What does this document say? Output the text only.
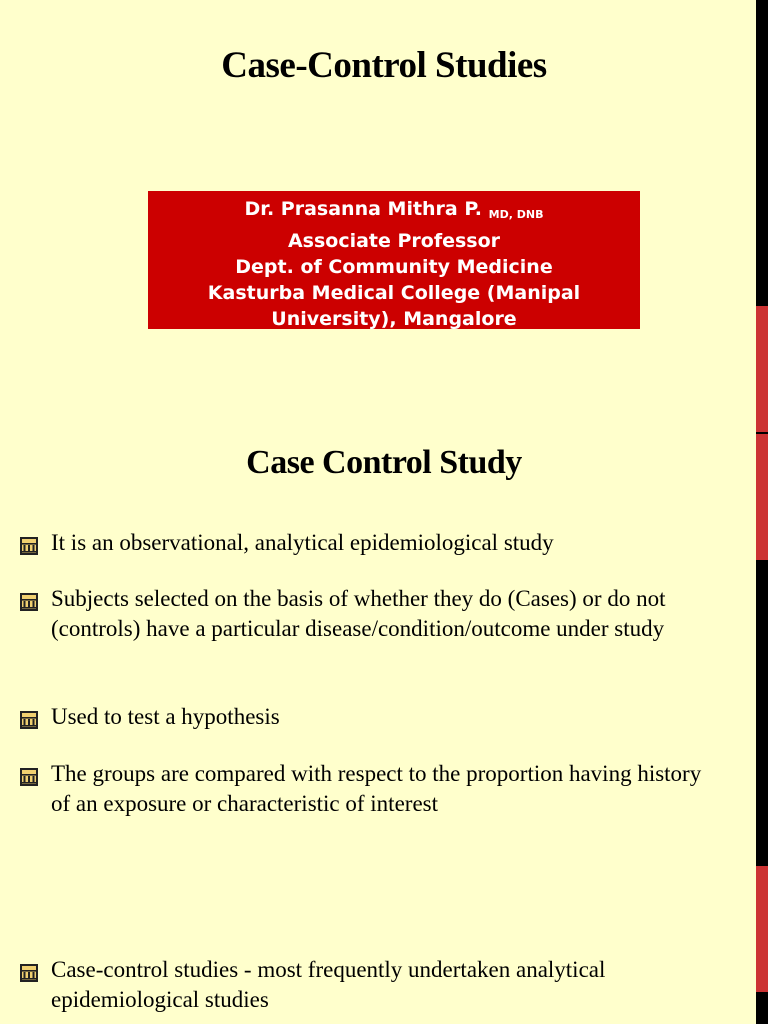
Case-Control Studies
Dr. Prasanna Mithra P. MD, DNB
Associate Professor
Dept. of Community Medicine
Kasturba Medical College (Manipal
University), Mangalore
Case Control Study
It is an observational, analytical epidemiological study
Subjects selected on the basis of whether they do (Cases) or do not (controls) have a particular disease/condition/outcome under study
Used to test a hypothesis
The groups are compared with respect to the proportion having history of an exposure or characteristic of interest
Case-control studies - most frequently undertaken analytical epidemiological studies
